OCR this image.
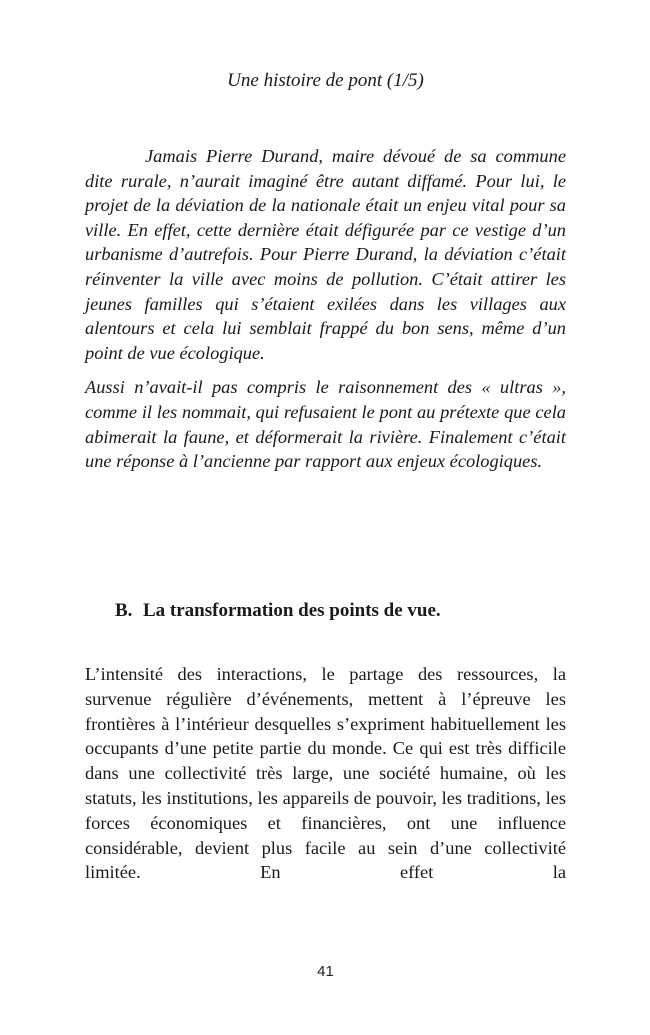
Une histoire de pont (1/5)

Jamais Pierre Durand, maire dévoué de sa commune dite rurale, n’aurait imaginé être autant diffamé. Pour lui, le projet de la déviation de la nationale était un enjeu vital pour sa ville. En effet, cette dernière était défigurée par ce vestige d’un urbanisme d’autrefois. Pour Pierre Durand, la déviation c’était réinventer la ville avec moins de pollution. C’était attirer les jeunes familles qui s’étaient exilées dans les villages aux alentours et cela lui semblait frappé du bon sens, même d’un point de vue écologique.

Aussi n’avait-il pas compris le raisonnement des « ultras », comme il les nommait, qui refusaient le pont au prétexte que cela abimerait la faune, et déformerait la rivière. Finalement c’était une réponse à l’ancienne par rapport aux enjeux écologiques.

B. La transformation des points de vue.

L’intensité des interactions, le partage des ressources, la survenue régulière d’événements, mettent à l’épreuve les frontières à l’intérieur desquelles s’expriment habituellement les occupants d’une petite partie du monde. Ce qui est très difficile dans une collectivité très large, une société humaine, où les statuts, les institutions, les appareils de pouvoir, les traditions, les forces économiques et financières, ont une influence considérable, devient plus facile au sein d’une collectivité limitée. En effet la

41
